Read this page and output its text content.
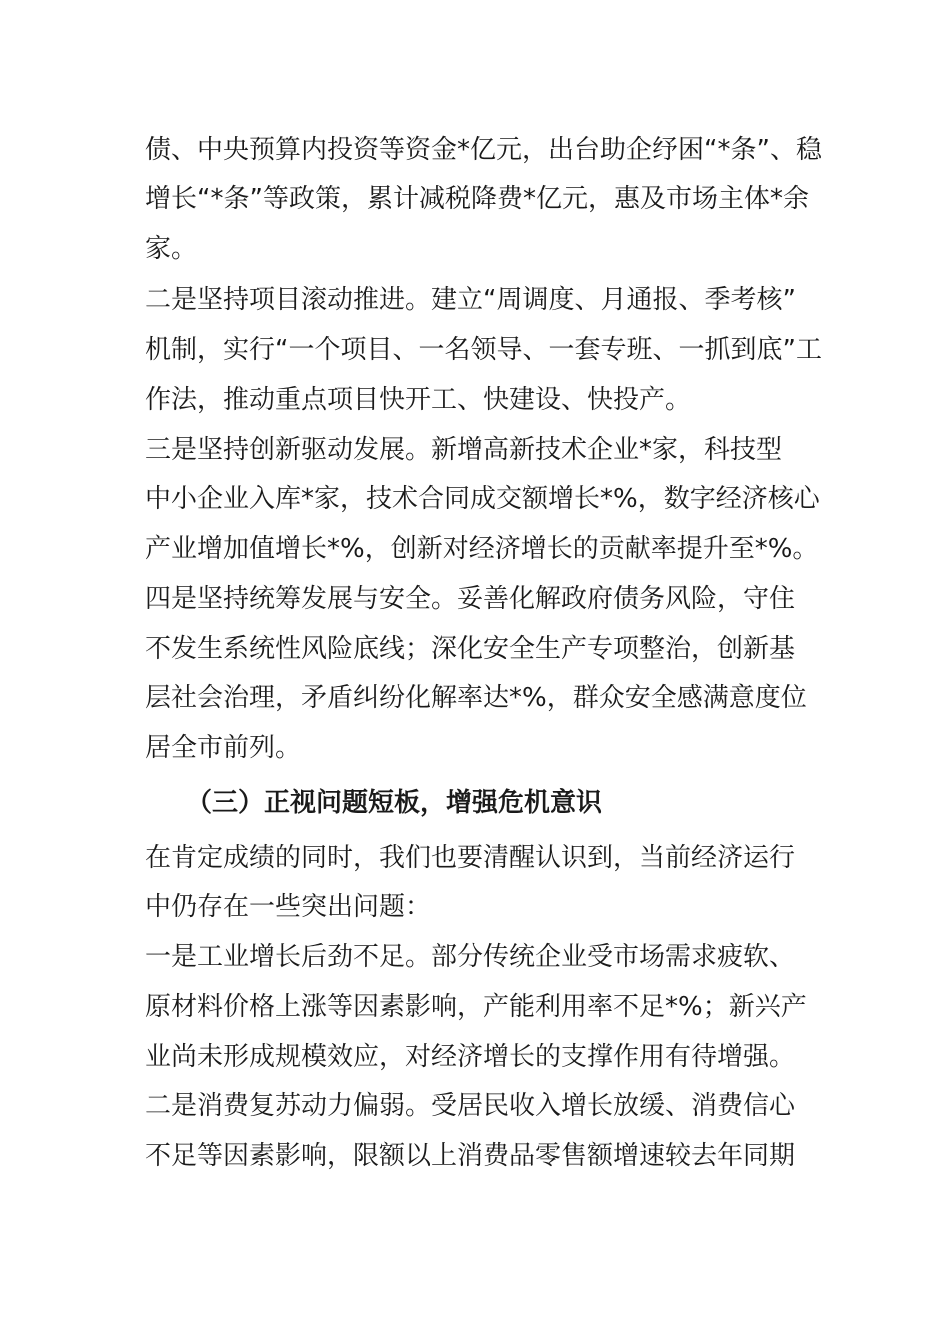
债、中央预算内投资等资金*亿元，出台助企纾困“*条”、稳
增长“*条”等政策，累计减税降费*亿元，惠及市场主体*余
家。
二是坚持项目滚动推进。建立“周调度、月通报、季考核”
机制，实行“一个项目、一名领导、一套专班、一抓到底”工
作法，推动重点项目快开工、快建设、快投产。
三是坚持创新驱动发展。新增高新技术企业*家，科技型
中小企业入库*家，技术合同成交额增长*%，数字经济核心
产业增加值增长*%，创新对经济增长的贡献率提升至*%。
四是坚持统筹发展与安全。妥善化解政府债务风险，守住
不发生系统性风险底线；深化安全生产专项整治，创新基
层社会治理，矛盾纠纷化解率达*%，群众安全感满意度位
居全市前列。
（三）正视问题短板，增强危机意识
在肯定成绩的同时，我们也要清醒认识到，当前经济运行
中仍存在一些突出问题：
一是工业增长后劲不足。部分传统企业受市场需求疲软、
原材料价格上涨等因素影响，产能利用率不足*%；新兴产
业尚未形成规模效应，对经济增长的支撑作用有待增强。
二是消费复苏动力偏弱。受居民收入增长放缓、消费信心
不足等因素影响，限额以上消费品零售额增速较去年同期
